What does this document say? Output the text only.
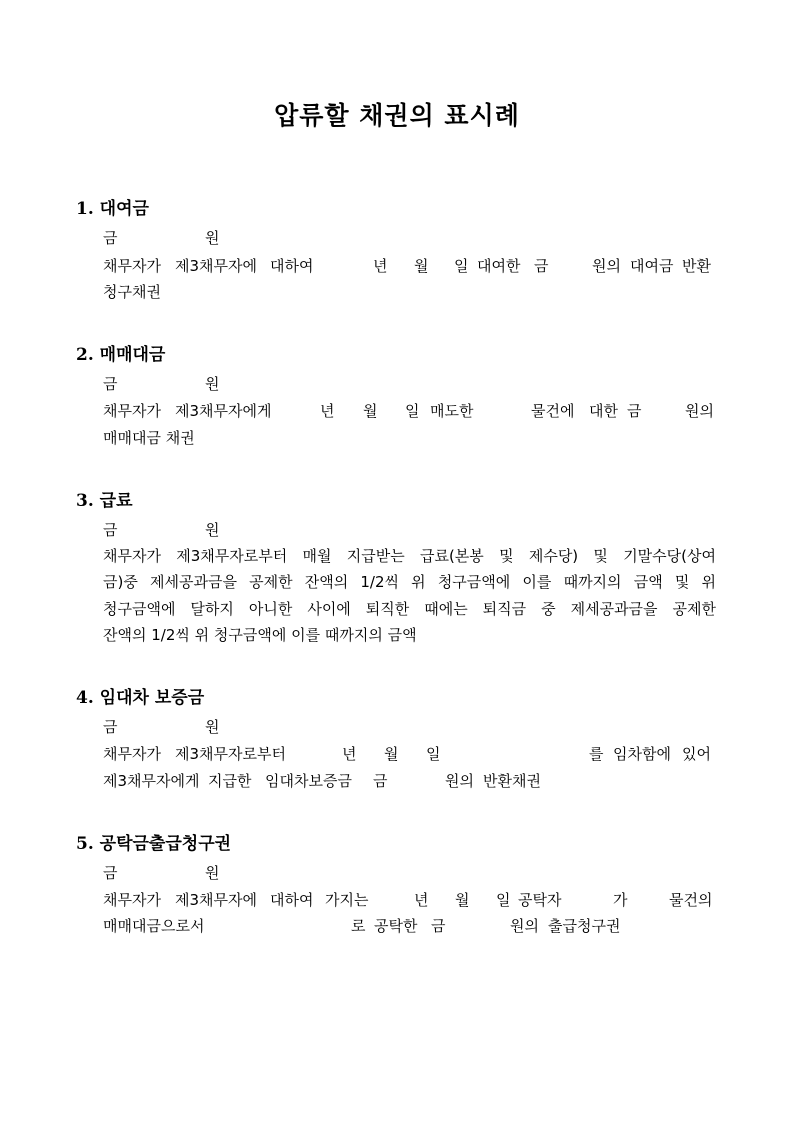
압류할 채권의 표시례
1. 대여금
금	원
채무자가 제3채무자에 대하여	년 월 일 대여한 금	원의 대여금 반환
청구채권
2. 매매대금
금	원
채무자가 제3채무자에게	년 월 일 매도한	물건에 대한 금	원의
매매대금 채권
3. 급료
금	원
채무자가 제3채무자로부터 매월 지급받는 급료(본봉 및 제수당) 및 기말수당(상여
금)중 제세공과금을 공제한 잔액의 1/2씩 위 청구금액에 이를 때까지의 금액 및 위
청구금액에 달하지 아니한 사이에 퇴직한 때에는 퇴직금 중 제세공과금을 공제한
잔액의 1/2씩 위 청구금액에 이를 때까지의 금액
4. 임대차 보증금
금	원
채무자가 제3채무자로부터	년 월 일	를 임차함에 있어
제3채무자에게 지급한 임대차보증금 금	원의 반환채권
5. 공탁금출급청구권
금	원
채무자가 제3채무자에 대하여 가지는	년 월 일 공탁자	가	물건의
매매대금으로서	로 공탁한 금	원의 출급청구권
